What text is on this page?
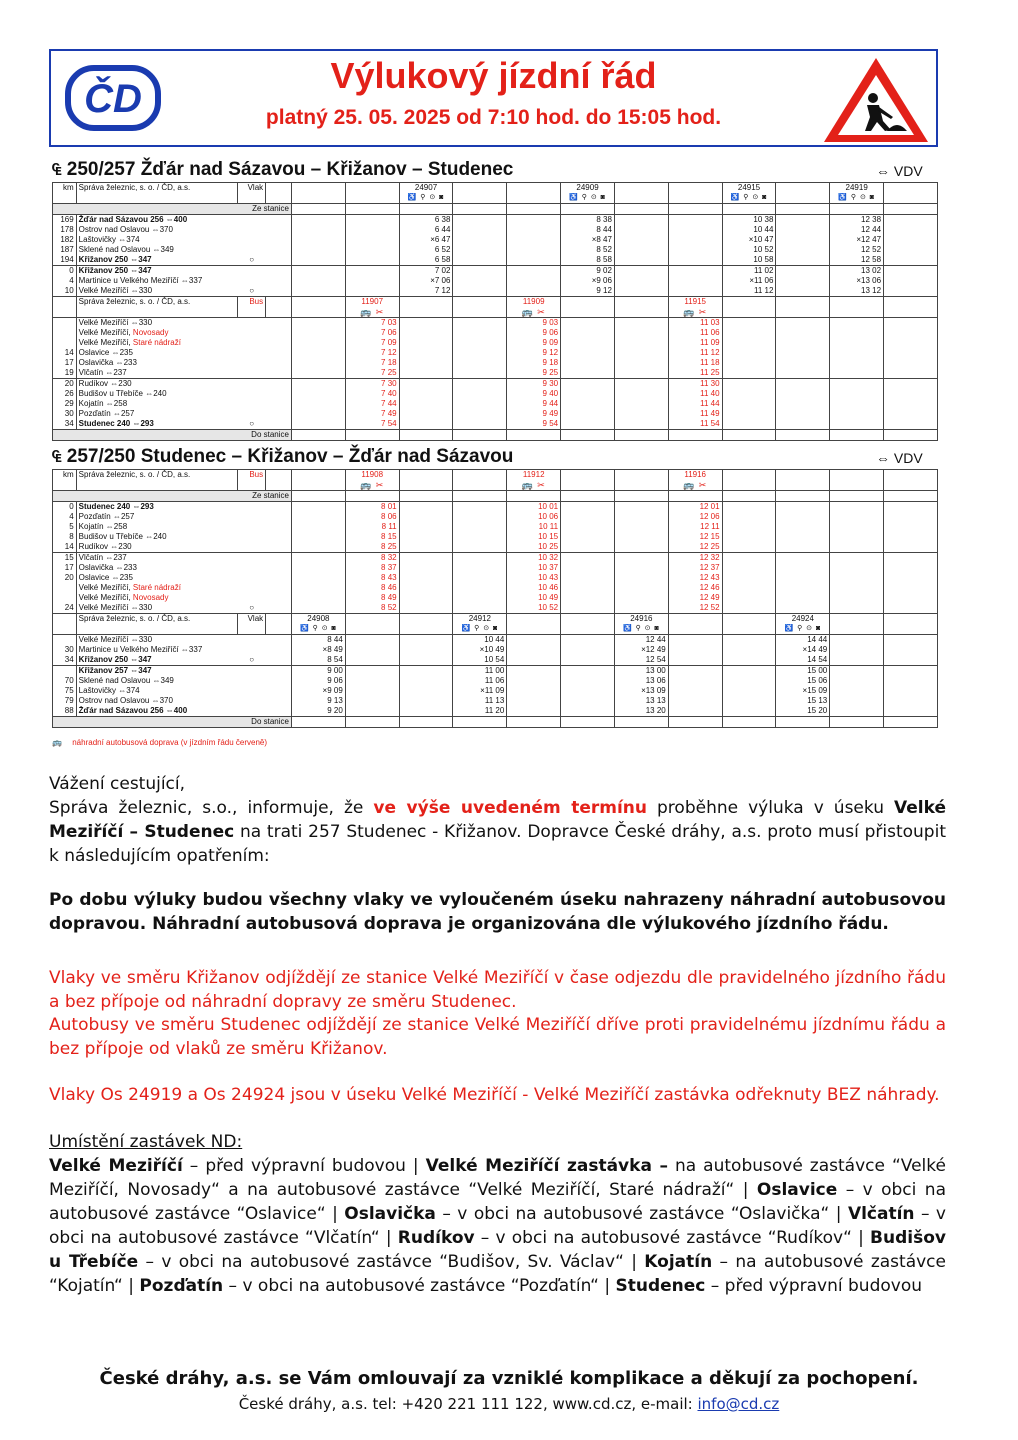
ČD
Výlukový jízdní řád
platný 25. 05. 2025 od 7:10 hod. do 15:05 hod.
₠ 250/257 Žďár nad Sázavou – Křižanov – Studenec	⇔ VDV
km	Správa železnic, s. o. / ČD, a.s.	Vlak				24907			24909			24915		24919	
						♿ ⚲ ⊙ ◙			♿ ⚲ ⊙ ◙			♿ ⚲ ⊙ ◙		♿ ⚲ ⊙ ◙	
Ze stanice															
169	Žďár nad Sázavou 256 ⇔400					6 38			8 38			10 38		12 38	
178	Ostrov nad Oslavou ⇔370					6 44			8 44			10 44		12 44	
182	Laštovičky ⇔374					×6 47			×8 47			×10 47		×12 47	
187	Sklené nad Oslavou ⇔349					6 52			8 52			10 52		12 52	
194	Křižanov 250 ⇔347	○				6 58			8 58			10 58		12 58	
0	Křižanov 250 ⇔347					7 02			9 02			11 02		13 02	
4	Martinice u Velkého Meziříčí ⇔337					×7 06			×9 06			×11 06		×13 06	
10	Velké Meziříčí ⇔330	○				7 12			9 12			11 12		13 12	
	Správa železnic, s. o. / ČD, a.s.	Bus			11907			11909			11915				
					🚌 ✂			🚌 ✂			🚌 ✂				
	Velké Meziříčí ⇔330				7 03			9 03			11 03				
	Velké Meziříčí, Novosady				7 06			9 06			11 06				
	Velké Meziříčí, Staré nádraží				7 09			9 09			11 09				
14	Oslavice ⇔235				7 12			9 12			11 12				
17	Oslavička ⇔233				7 18			9 18			11 18				
19	Vlčatín ⇔237				7 25			9 25			11 25				
20	Rudíkov ⇔230				7 30			9 30			11 30				
26	Budišov u Třebíče ⇔240				7 40			9 40			11 40				
29	Kojatín ⇔258				7 44			9 44			11 44				
30	Pozďatín ⇔257				7 49			9 49			11 49				
34	Studenec 240 ⇔293	○			7 54			9 54			11 54				
Do stanice															
₠ 257/250 Studenec – Křižanov – Žďár nad Sázavou	⇔ VDV
km	Správa železnic, s. o. / ČD, a.s.	Bus			11908			11912			11916				
					🚌 ✂			🚌 ✂			🚌 ✂				
Ze stanice															
0	Studenec 240 ⇔293				8 01			10 01			12 01				
4	Pozďatín ⇔257				8 06			10 06			12 06				
5	Kojatín ⇔258				8 11			10 11			12 11				
8	Budišov u Třebíče ⇔240				8 15			10 15			12 15				
14	Rudíkov ⇔230				8 25			10 25			12 25				
15	Vlčatín ⇔237				8 32			10 32			12 32				
17	Oslavička ⇔233				8 37			10 37			12 37				
20	Oslavice ⇔235				8 43			10 43			12 43				
	Velké Meziříčí, Staré nádraží				8 46			10 46			12 46				
	Velké Meziříčí, Novosady				8 49			10 49			12 49				
24	Velké Meziříčí ⇔330	○			8 52			10 52			12 52				
	Správa železnic, s. o. / ČD, a.s.	Vlak		24908			24912			24916			24924		
				♿ ⚲ ⊙ ◙			♿ ⚲ ⊙ ◙			♿ ⚲ ⊙ ◙			♿ ⚲ ⊙ ◙		
	Velké Meziříčí ⇔330			8 44			10 44			12 44			14 44		
30	Martinice u Velkého Meziříčí ⇔337			×8 49			×10 49			×12 49			×14 49		
34	Křižanov 250 ⇔347	○		8 54			10 54			12 54			14 54		
	Křižanov 257 ⇔347			9 00			11 00			13 00			15 00		
70	Sklené nad Oslavou ⇔349			9 06			11 06			13 06			15 06		
75	Laštovičky ⇔374			×9 09			×11 09			×13 09			×15 09		
79	Ostrov nad Oslavou ⇔370			9 13			11 13			13 13			15 13		
88	Žďár nad Sázavou 256 ⇔400			9 20			11 20			13 20			15 20		
Do stanice															
🚌 náhradní autobusová doprava (v jízdním řádu červeně)
Vážení cestující,
Správa železnic, s.o., informuje, že ve výše uvedeném termínu proběhne výluka v úseku Velké Meziříčí – Studenec na trati 257 Studenec - Křižanov. Dopravce České dráhy, a.s. proto musí přistoupit k následujícím opatřením:
Po dobu výluky budou všechny vlaky ve vyloučeném úseku nahrazeny náhradní autobusovou dopravou. Náhradní autobusová doprava je organizována dle výlukového jízdního řádu.
Vlaky ve směru Křižanov odjíždějí ze stanice Velké Meziříčí v čase odjezdu dle pravidelného jízdního řádu a bez přípoje od náhradní dopravy ze směru Studenec.
Autobusy ve směru Studenec odjíždějí ze stanice Velké Meziříčí dříve proti pravidelnému jízdnímu řádu a bez přípoje od vlaků ze směru Křižanov.
Vlaky Os 24919 a Os 24924 jsou v úseku Velké Meziříčí - Velké Meziříčí zastávka odřeknuty BEZ náhrady.
Umístění zastávek ND:
Velké Meziříčí – před výpravní budovou | Velké Meziříčí zastávka – na autobusové zastávce “Velké Meziříčí, Novosady“ a na autobusové zastávce “Velké Meziříčí, Staré nádraží“ | Oslavice – v obci na autobusové zastávce “Oslavice“ | Oslavička – v obci na autobusové zastávce “Oslavička“ | Vlčatín – v obci na autobusové zastávce “Vlčatín“ | Rudíkov – v obci na autobusové zastávce “Rudíkov“ | Budišov u Třebíče – v obci na autobusové zastávce “Budišov, Sv. Václav“ | Kojatín – na autobusové zastávce “Kojatín“ | Pozďatín – v obci na autobusové zastávce “Pozďatín“ | Studenec – před výpravní budovou
České dráhy, a.s. se Vám omlouvají za vzniklé komplikace a děkují za pochopení.
České dráhy, a.s. tel: +420 221 111 122, www.cd.cz, e-mail: info@cd.cz
